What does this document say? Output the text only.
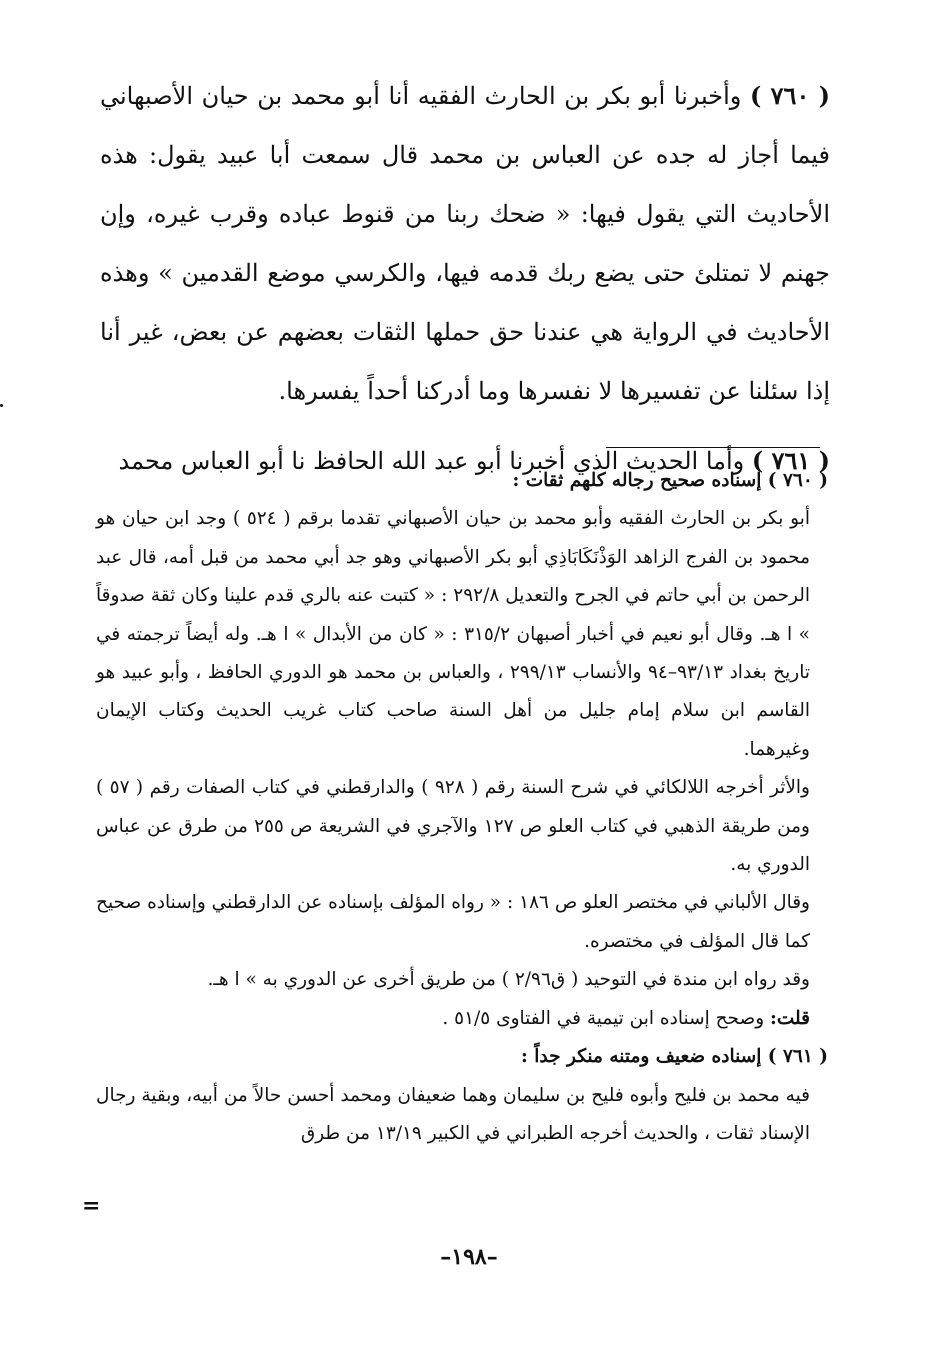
( ٧٦٠ ) وأخبرنا أبو بكر بن الحارث الفقيه أنا أبو محمد بن حيان الأصبهاني فيما أجاز له جده عن العباس بن محمد قال سمعت أبا عبيد يقول: هذه الأحاديث التي يقول فيها: « ضحك ربنا من قنوط عباده وقرب غيره، وإن جهنم لا تمتلئ حتى يضع ربك قدمه فيها، والكرسي موضع القدمين » وهذه الأحاديث في الرواية هي عندنا حق حملها الثقات بعضهم عن بعض، غير أنا إذا سئلنا عن تفسيرها لا نفسرها وما أدركنا أحداً يفسرها.

( ٧٦١ ) وأما الحديث الذي أخبرنا أبو عبد الله الحافظ نا أبو العباس محمد

( ٧٦٠ ) إسناده صحيح رجاله كلهم ثقات :

أبو بكر بن الحارث الفقيه وأبو محمد بن حيان الأصبهاني تقدما برقم ( ٥٢٤ ) وجد ابن حيان هو محمود بن الفرج الزاهد الوَذْنَكَابَاذِي أبو بكر الأصبهاني وهو جد أبي محمد من قبل أمه، قال عبد الرحمن بن أبي حاتم في الجرح والتعديل ٢٩٢/٨ : « كتبت عنه بالري قدم علينا وكان ثقة صدوقاً » ا هـ. وقال أبو نعيم في أخبار أصبهان ٣١٥/٢ : « كان من الأبدال » ا هـ. وله أيضاً ترجمته في تاريخ بغداد ٩٣/١٣–٩٤ والأنساب ٢٩٩/١٣ ، والعباس بن محمد هو الدوري الحافظ ، وأبو عبيد هو القاسم ابن سلام إمام جليل من أهل السنة صاحب كتاب غريب الحديث وكتاب الإيمان وغيرهما.

والأثر أخرجه اللالكائي في شرح السنة رقم ( ٩٢٨ ) والدارقطني في كتاب الصفات رقم ( ٥٧ ) ومن طريقة الذهبي في كتاب العلو ص ١٢٧ والآجري في الشريعة ص ٢٥٥ من طرق عن عباس الدوري به.

وقال الألباني في مختصر العلو ص ١٨٦ : « رواه المؤلف بإسناده عن الدارقطني وإسناده صحيح كما قال المؤلف في مختصره.

وقد رواه ابن مندة في التوحيد ( ق٢/٩٦ ) من طريق أخرى عن الدوري به » ا هـ.

قلت: وصحح إسناده ابن تيمية في الفتاوى ٥١/٥ .

( ٧٦١ ) إسناده ضعيف ومتنه منكر جداً :

فيه محمد بن فليح وأبوه فليح بن سليمان وهما ضعيفان ومحمد أحسن حالاً من أبيه، وبقية رجال الإسناد ثقات ، والحديث أخرجه الطبراني في الكبير ١٣/١٩ من طرق

=
–١٩٨–
